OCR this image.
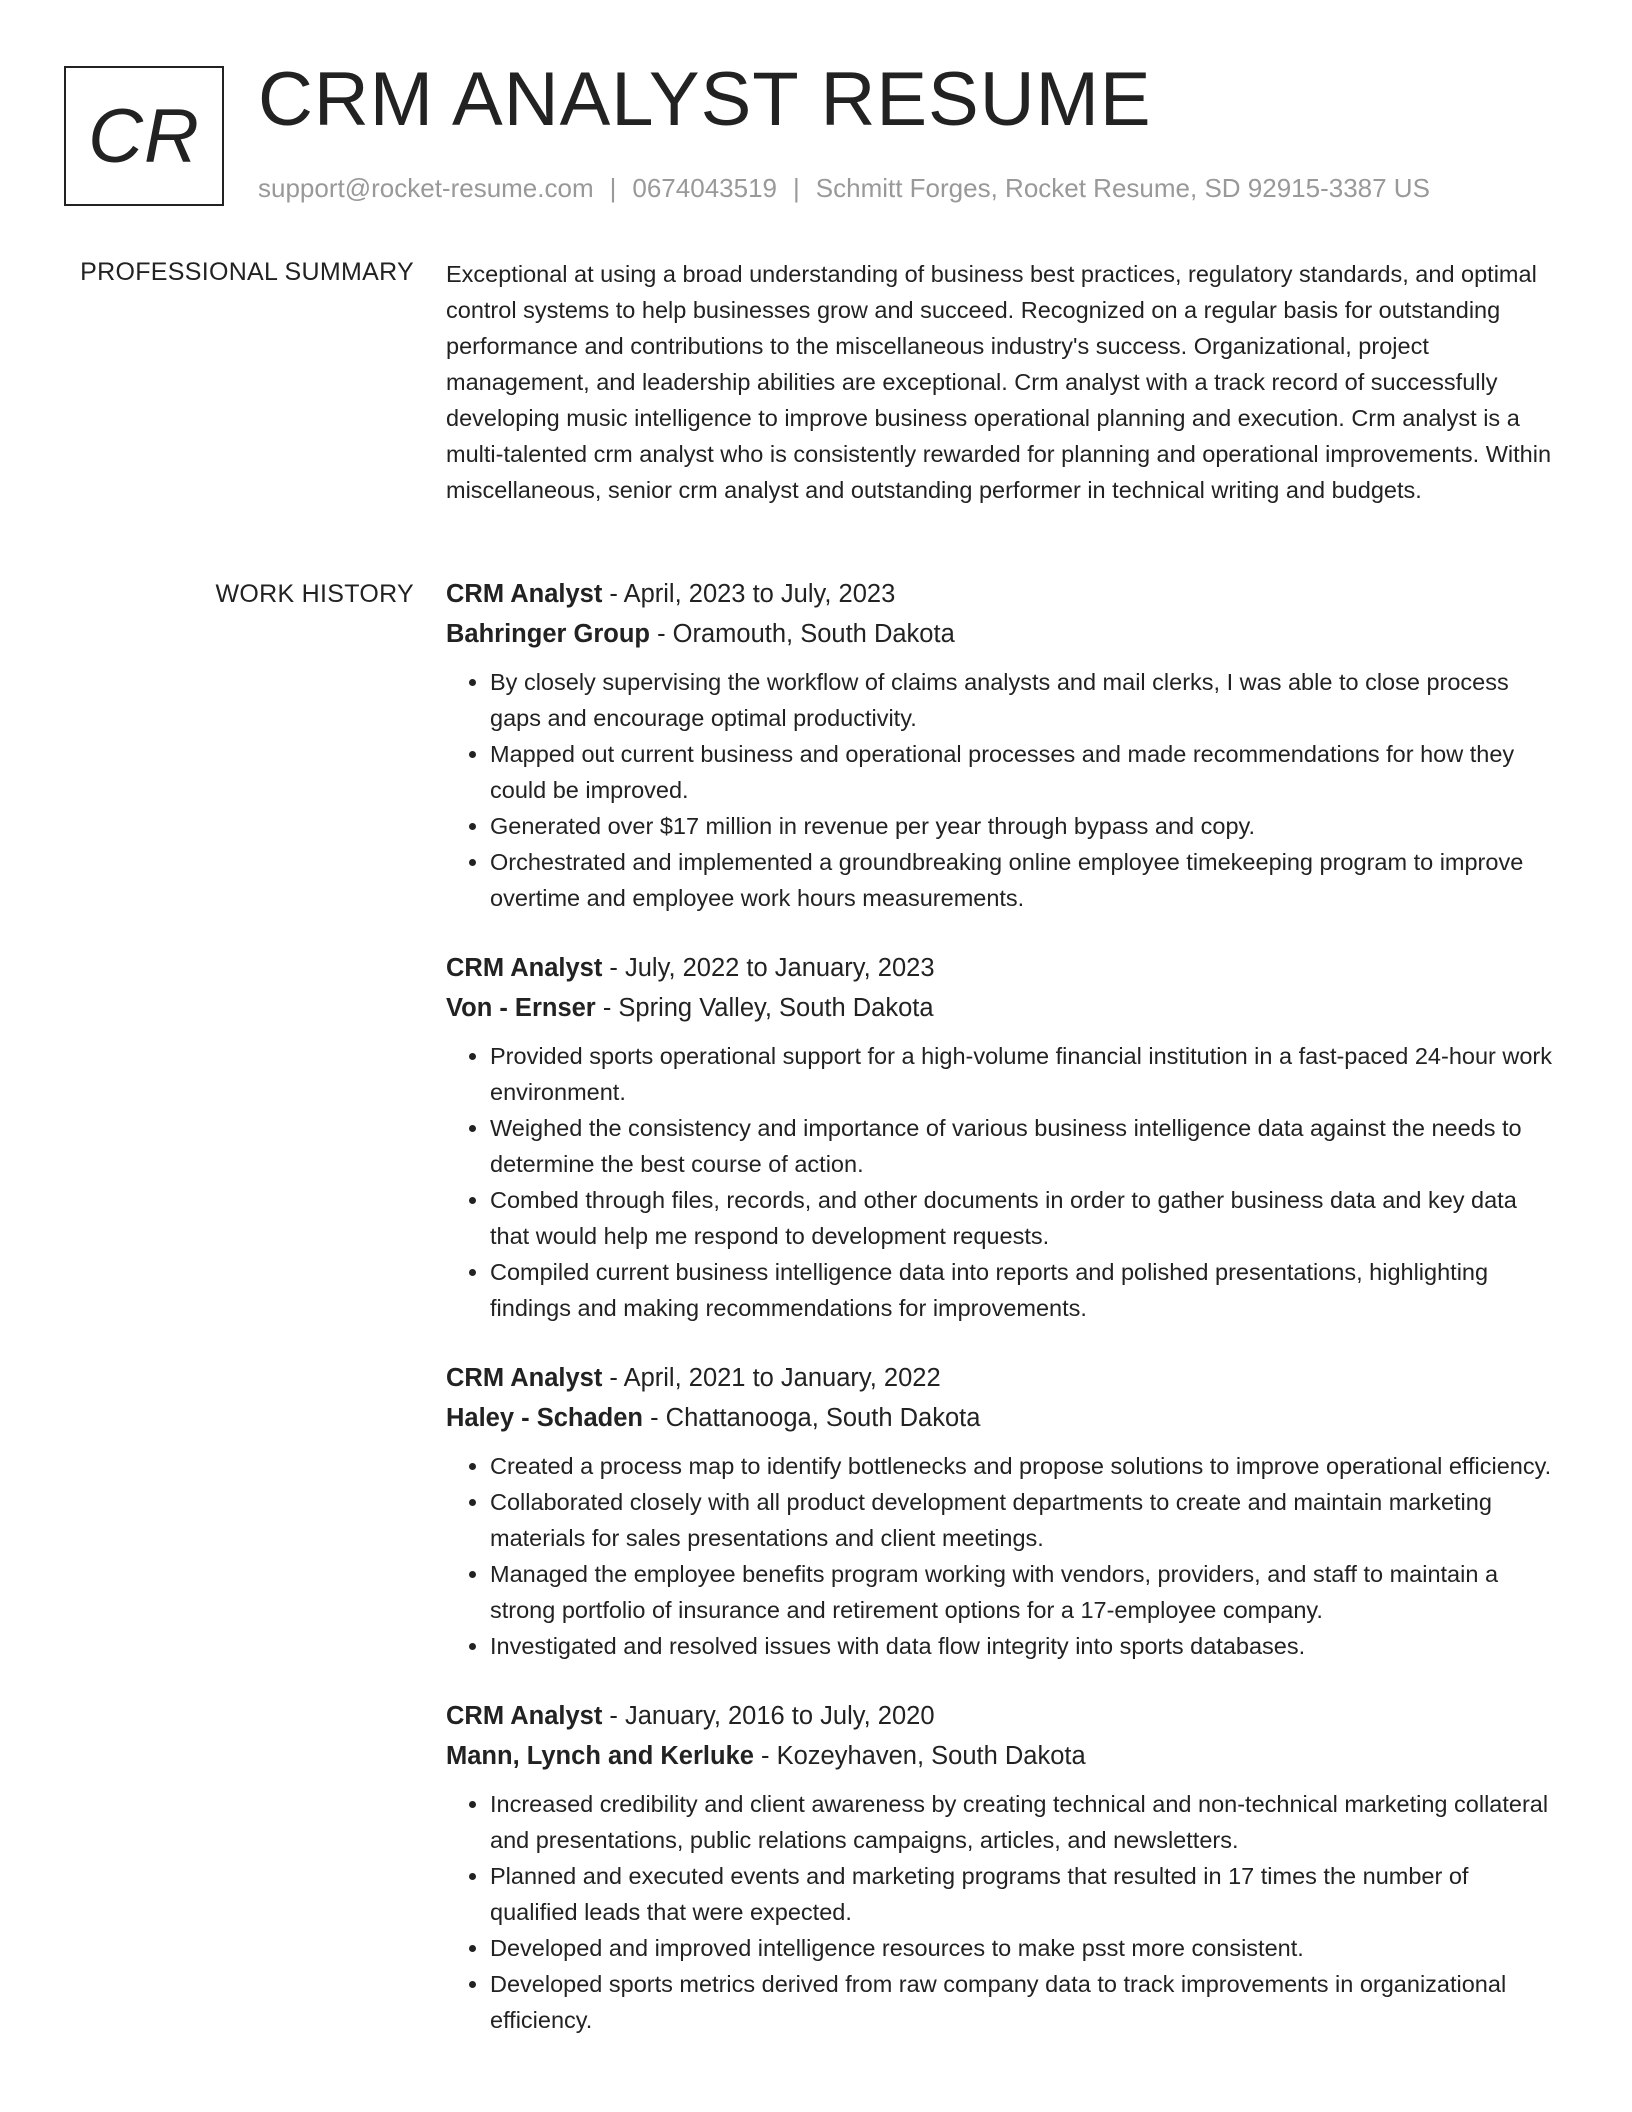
CR CRM ANALYST RESUME
support@rocket-resume.com | 0674043519 | Schmitt Forges, Rocket Resume, SD 92915-3387 US
PROFESSIONAL SUMMARY Exceptional at using a broad understanding of business best practices, regulatory standards, and optimal control systems to help businesses grow and succeed. Recognized on a regular basis for outstanding performance and contributions to the miscellaneous industry's success. Organizational, project management, and leadership abilities are exceptional. Crm analyst with a track record of successfully developing music intelligence to improve business operational planning and execution. Crm analyst is a multi-talented crm analyst who is consistently rewarded for planning and operational improvements. Within miscellaneous, senior crm analyst and outstanding performer in technical writing and budgets.

WORK HISTORY CRM Analyst - April, 2023 to July, 2023
Bahringer Group - Oramouth, South Dakota
• By closely supervising the workflow of claims analysts and mail clerks, I was able to close process gaps and encourage optimal productivity.
• Mapped out current business and operational processes and made recommendations for how they could be improved.
• Generated over $17 million in revenue per year through bypass and copy.
• Orchestrated and implemented a groundbreaking online employee timekeeping program to improve overtime and employee work hours measurements.
CRM Analyst - July, 2022 to January, 2023
Von - Ernser - Spring Valley, South Dakota
• Provided sports operational support for a high-volume financial institution in a fast-paced 24-hour work environment.
• Weighed the consistency and importance of various business intelligence data against the needs to determine the best course of action.
• Combed through files, records, and other documents in order to gather business data and key data that would help me respond to development requests.
• Compiled current business intelligence data into reports and polished presentations, highlighting findings and making recommendations for improvements.
CRM Analyst - April, 2021 to January, 2022
Haley - Schaden - Chattanooga, South Dakota
• Created a process map to identify bottlenecks and propose solutions to improve operational efficiency.
• Collaborated closely with all product development departments to create and maintain marketing materials for sales presentations and client meetings.
• Managed the employee benefits program working with vendors, providers, and staff to maintain a strong portfolio of insurance and retirement options for a 17-employee company.
• Investigated and resolved issues with data flow integrity into sports databases.
CRM Analyst - January, 2016 to July, 2020
Mann, Lynch and Kerluke - Kozeyhaven, South Dakota
• Increased credibility and client awareness by creating technical and non-technical marketing collateral and presentations, public relations campaigns, articles, and newsletters.
• Planned and executed events and marketing programs that resulted in 17 times the number of qualified leads that were expected.
• Developed and improved intelligence resources to make psst more consistent.
• Developed sports metrics derived from raw company data to track improvements in organizational efficiency.
